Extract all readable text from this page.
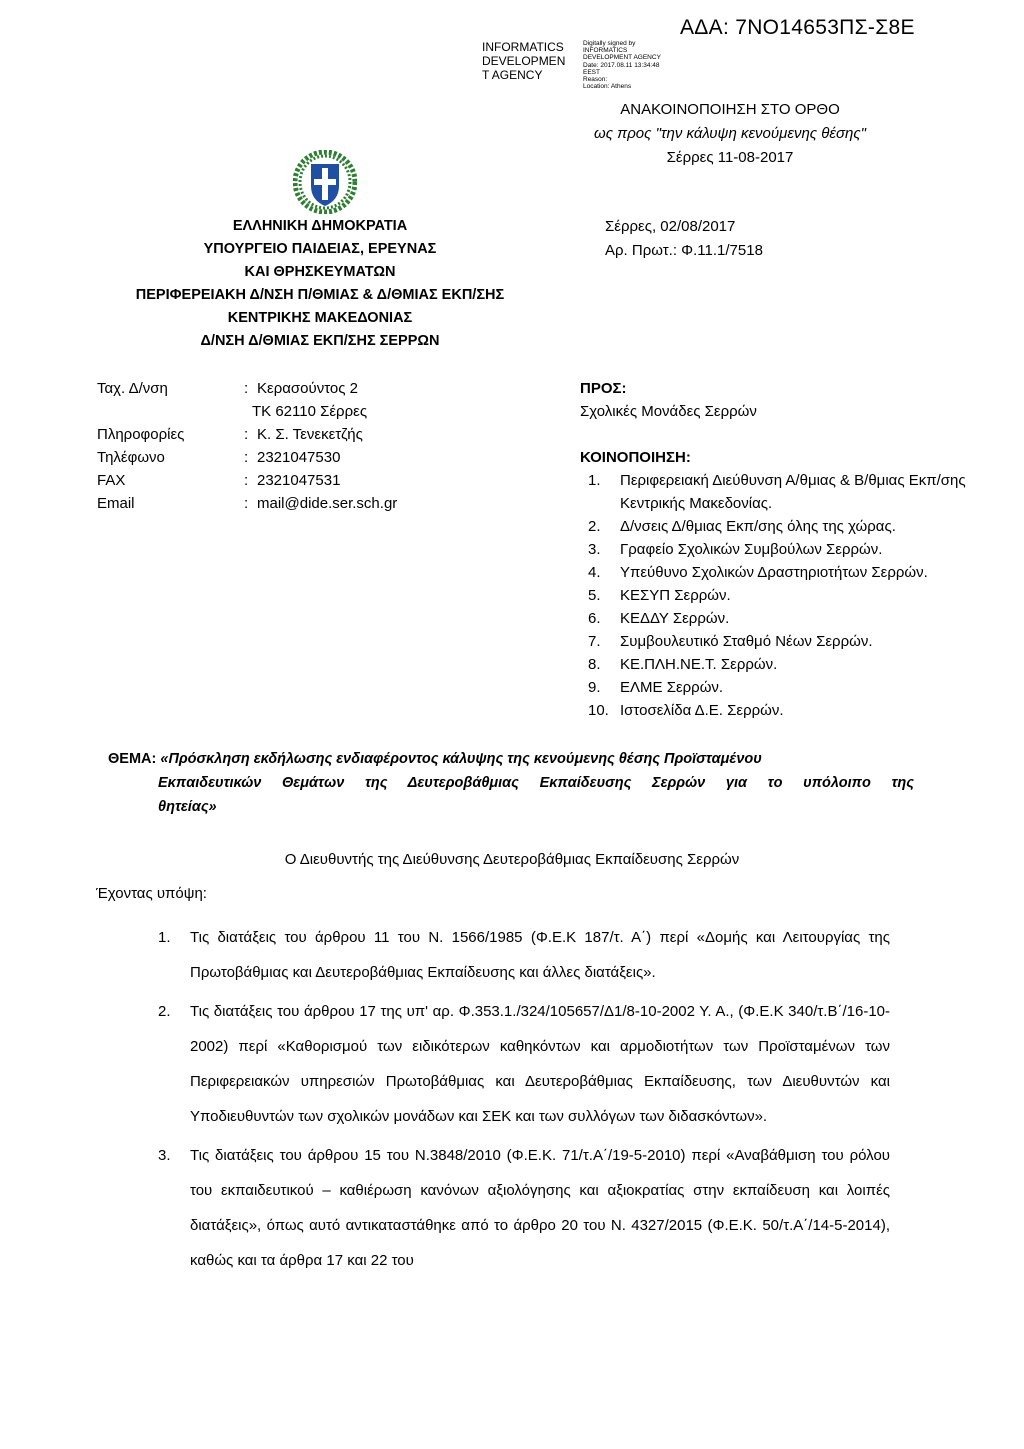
ΑΔΑ: 7ΝΟ14653ΠΣ-Σ8Ε
INFORMATICS
DEVELOPMEN
T AGENCY
Digitally signed by
INFORMATICS
DEVELOPMENT AGENCY
Date: 2017.08.11 13:34:48
EEST
Reason:
Location: Athens
ΑΝΑΚΟΙΝΟΠΟΙΗΣΗ ΣΤΟ ΟΡΘΟ
ως προς "την κάλυψη κενούμενης θέσης"
Σέρρες 11-08-2017
ΕΛΛΗΝΙΚΗ ΔΗΜΟΚΡΑΤΙΑ
ΥΠΟΥΡΓΕΙΟ ΠΑΙΔΕΙΑΣ, ΕΡΕΥΝΑΣ
ΚΑΙ ΘΡΗΣΚΕΥΜΑΤΩΝ
ΠΕΡΙΦΕΡΕΙΑΚΗ Δ/ΝΣΗ Π/ΘΜΙΑΣ & Δ/ΘΜΙΑΣ ΕΚΠ/ΣΗΣ
ΚΕΝΤΡΙΚΗΣ ΜΑΚΕΔΟΝΙΑΣ
Δ/ΝΣΗ Δ/ΘΜΙΑΣ ΕΚΠ/ΣΗΣ ΣΕΡΡΩΝ
Σέρρες, 02/08/2017
Αρ. Πρωτ.: Φ.11.1/7518
Ταχ. Δ/νση	: Κερασούντος 2
ΤΚ 62110 Σέρρες
Πληροφορίες	: Κ. Σ. Τενεκετζής
Τηλέφωνο	: 2321047530
FAX	: 2321047531
Email	: mail@dide.ser.sch.gr
ΠΡΟΣ:
Σχολικές Μονάδες Σερρών
ΚΟΙΝΟΠΟΙΗΣΗ:
1. Περιφερειακή Διεύθυνση Α/θμιας & Β/θμιας Εκπ/σης Κεντρικής Μακεδονίας.
2. Δ/νσεις Δ/θμιας Εκπ/σης όλης της χώρας.
3. Γραφείο Σχολικών Συμβούλων Σερρών.
4. Υπεύθυνο Σχολικών Δραστηριοτήτων Σερρών.
5. ΚΕΣΥΠ Σερρών.
6. ΚΕΔΔΥ Σερρών.
7. Συμβουλευτικό Σταθμό Νέων Σερρών.
8. ΚΕ.ΠΛΗ.ΝΕ.Τ. Σερρών.
9. ΕΛΜΕ Σερρών.
10. Ιστοσελίδα Δ.Ε. Σερρών.
ΘΕΜΑ: «Πρόσκληση εκδήλωσης ενδιαφέροντος κάλυψης της κενούμενης θέσης Προϊσταμένου
Εκπαιδευτικών Θεμάτων της Δευτεροβάθμιας Εκπαίδευσης Σερρών για το υπόλοιπο της
θητείας»
Ο Διευθυντής της Διεύθυνσης Δευτεροβάθμιας Εκπαίδευσης Σερρών
Έχοντας υπόψη:
1. Τις διατάξεις του άρθρου 11 του Ν. 1566/1985 (Φ.Ε.Κ 187/τ. Α΄) περί «Δομής και Λειτουργίας της Πρωτοβάθμιας και Δευτεροβάθμιας Εκπαίδευσης και άλλες διατάξεις».
2. Τις διατάξεις του άρθρου 17 της υπ' αρ. Φ.353.1./324/105657/Δ1/8-10-2002 Υ. Α., (Φ.Ε.Κ 340/τ.Β΄/16-10-2002) περί «Καθορισμού των ειδικότερων καθηκόντων και αρμοδιοτήτων των Προϊσταμένων των Περιφερειακών υπηρεσιών Πρωτοβάθμιας και Δευτεροβάθμιας Εκπαίδευσης, των Διευθυντών και Υποδιευθυντών των σχολικών μονάδων και ΣΕΚ και των συλλόγων των διδασκόντων».
3. Τις διατάξεις του άρθρου 15 του Ν.3848/2010 (Φ.Ε.Κ. 71/τ.Α΄/19-5-2010) περί «Αναβάθμιση του ρόλου του εκπαιδευτικού – καθιέρωση κανόνων αξιολόγησης και αξιοκρατίας στην εκπαίδευση και λοιπές διατάξεις», όπως αυτό αντικαταστάθηκε από το άρθρο 20 του Ν. 4327/2015 (Φ.Ε.Κ. 50/τ.Α΄/14-5-2014), καθώς και τα άρθρα 17 και 22 του
